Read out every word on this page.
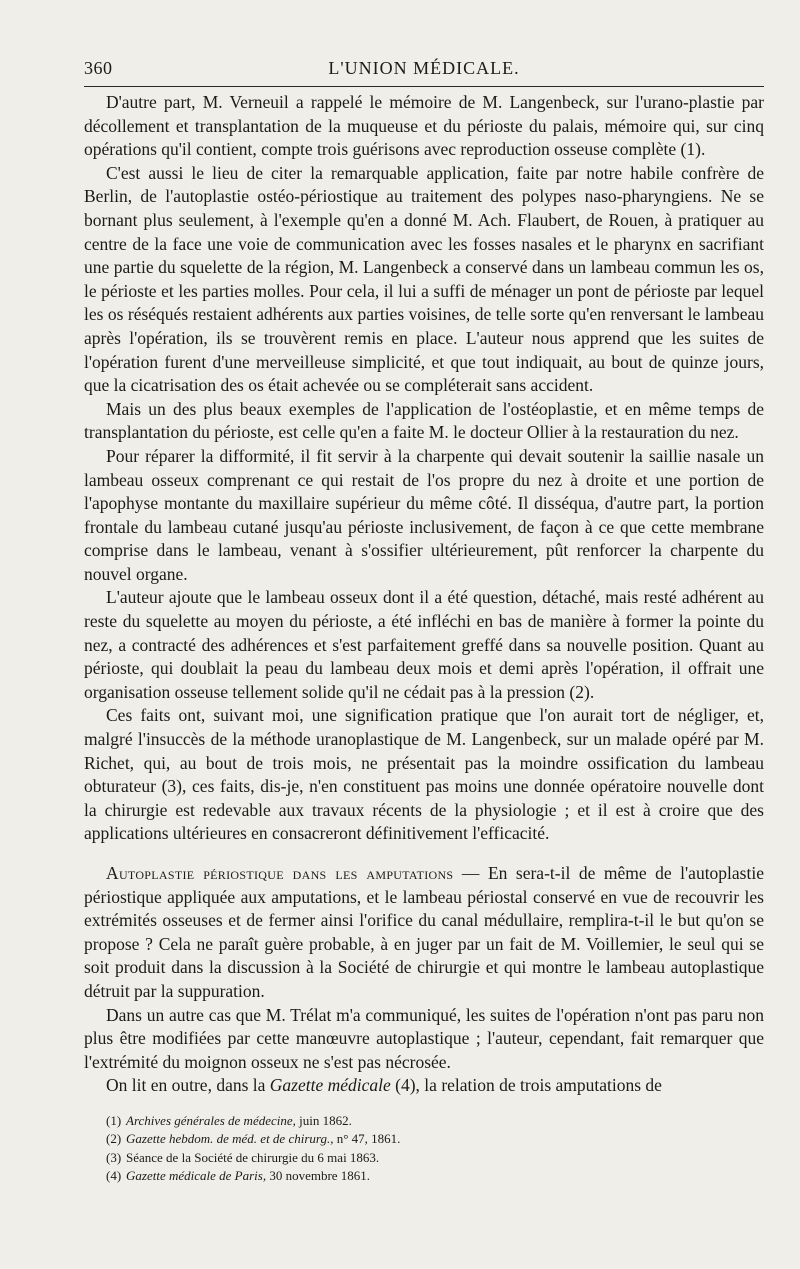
360	L'UNION MÉDICALE.

D'autre part, M. Verneuil a rappelé le mémoire de M. Langenbeck, sur l'urano-plastie par décollement et transplantation de la muqueuse et du périoste du palais, mémoire qui, sur cinq opérations qu'il contient, compte trois guérisons avec reproduction osseuse complète (1).

C'est aussi le lieu de citer la remarquable application, faite par notre habile confrère de Berlin, de l'autoplastie ostéo-périostique au traitement des polypes naso-pharyngiens. Ne se bornant plus seulement, à l'exemple qu'en a donné M. Ach. Flaubert, de Rouen, à pratiquer au centre de la face une voie de communication avec les fosses nasales et le pharynx en sacrifiant une partie du squelette de la région, M. Langenbeck a conservé dans un lambeau commun les os, le périoste et les parties molles. Pour cela, il lui a suffi de ménager un pont de périoste par lequel les os réséqués restaient adhérents aux parties voisines, de telle sorte qu'en renversant le lambeau après l'opération, ils se trouvèrent remis en place. L'auteur nous apprend que les suites de l'opération furent d'une merveilleuse simplicité, et que tout indiquait, au bout de quinze jours, que la cicatrisation des os était achevée ou se compléterait sans accident.

Mais un des plus beaux exemples de l'application de l'ostéoplastie, et en même temps de transplantation du périoste, est celle qu'en a faite M. le docteur Ollier à la restauration du nez.

Pour réparer la difformité, il fit servir à la charpente qui devait soutenir la saillie nasale un lambeau osseux comprenant ce qui restait de l'os propre du nez à droite et une portion de l'apophyse montante du maxillaire supérieur du même côté. Il disséqua, d'autre part, la portion frontale du lambeau cutané jusqu'au périoste inclusivement, de façon à ce que cette membrane comprise dans le lambeau, venant à s'ossifier ultérieurement, pût renforcer la charpente du nouvel organe.

L'auteur ajoute que le lambeau osseux dont il a été question, détaché, mais resté adhérent au reste du squelette au moyen du périoste, a été infléchi en bas de manière à former la pointe du nez, a contracté des adhérences et s'est parfaitement greffé dans sa nouvelle position. Quant au périoste, qui doublait la peau du lambeau deux mois et demi après l'opération, il offrait une organisation osseuse tellement solide qu'il ne cédait pas à la pression (2).

Ces faits ont, suivant moi, une signification pratique que l'on aurait tort de négliger, et, malgré l'insuccès de la méthode uranoplastique de M. Langenbeck, sur un malade opéré par M. Richet, qui, au bout de trois mois, ne présentait pas la moindre ossification du lambeau obturateur (3), ces faits, dis-je, n'en constituent pas moins une donnée opératoire nouvelle dont la chirurgie est redevable aux travaux récents de la physiologie ; et il est à croire que des applications ultérieures en consacreront définitivement l'efficacité.

Autoplastie périostique dans les amputations — En sera-t-il de même de l'autoplastie périostique appliquée aux amputations, et le lambeau périostal conservé en vue de recouvrir les extrémités osseuses et de fermer ainsi l'orifice du canal médullaire, remplira-t-il le but qu'on se propose ? Cela ne paraît guère probable, à en juger par un fait de M. Voillemier, le seul qui se soit produit dans la discussion à la Société de chirurgie et qui montre le lambeau autoplastique détruit par la suppuration.

Dans un autre cas que M. Trélat m'a communiqué, les suites de l'opération n'ont pas paru non plus être modifiées par cette manœuvre autoplastique ; l'auteur, cependant, fait remarquer que l'extrémité du moignon osseux ne s'est pas nécrosée.

On lit en outre, dans la Gazette médicale (4), la relation de trois amputations de

(1) Archives générales de médecine, juin 1862.
(2) Gazette hebdom. de méd. et de chirurg., n° 47, 1861.
(3) Séance de la Société de chirurgie du 6 mai 1863.
(4) Gazette médicale de Paris, 30 novembre 1861.
